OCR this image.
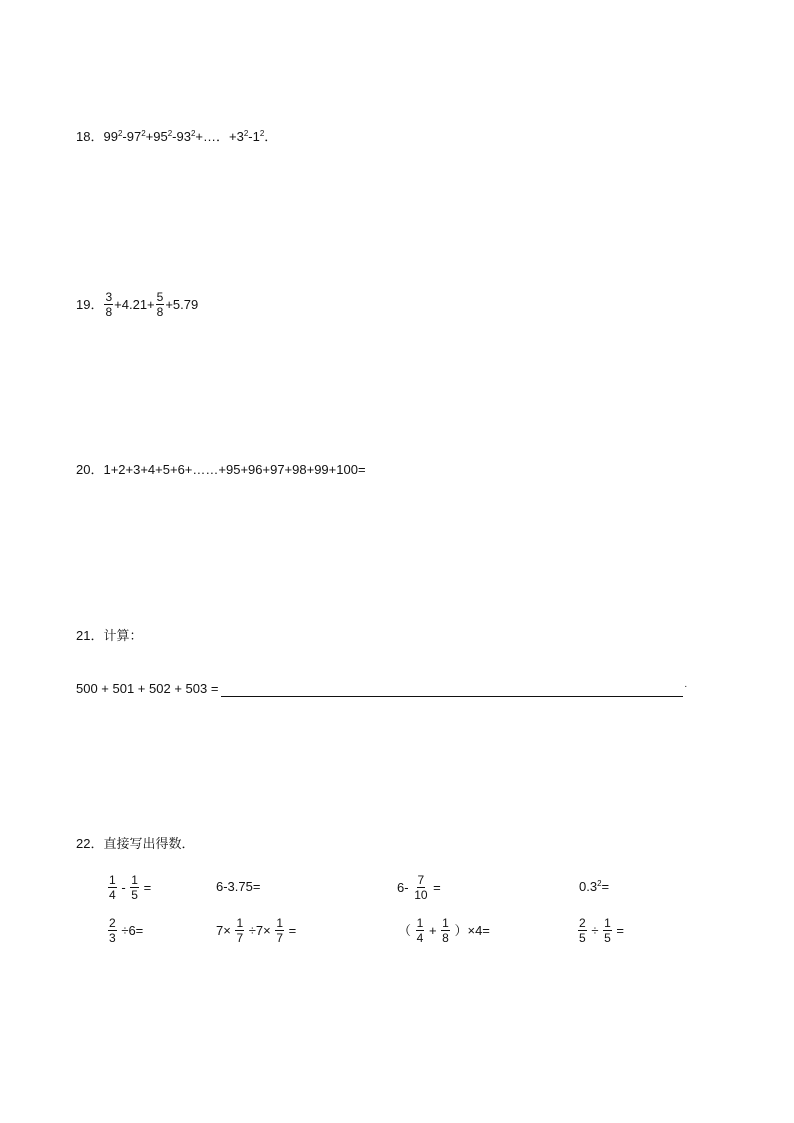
18．$99^2-97^2+95^2-93^2+\dots$．$+3^2-1^2$．
19． $\frac{3}{8} +4.21+ \frac{5}{8} +5.79$
20．1+2+3+4+5+6+……+95+96+97+98+99+100=
21．计算：
500 + 501 + 502 + 503 =	.
22．直接写出得数．
$\frac{1}{4} - \frac{1}{5}$ =	6-3.75=	$6- \frac{7}{10}$ =	$0.3^2=$
$\frac{2}{3} \div 6=$	$7\times \frac{1}{7} \div 7\times \frac{1}{7}$ =	（ $\frac{1}{4} + \frac{1}{8} )\times 4=$	$\frac{2}{5} \div \frac{1}{5}$ =
